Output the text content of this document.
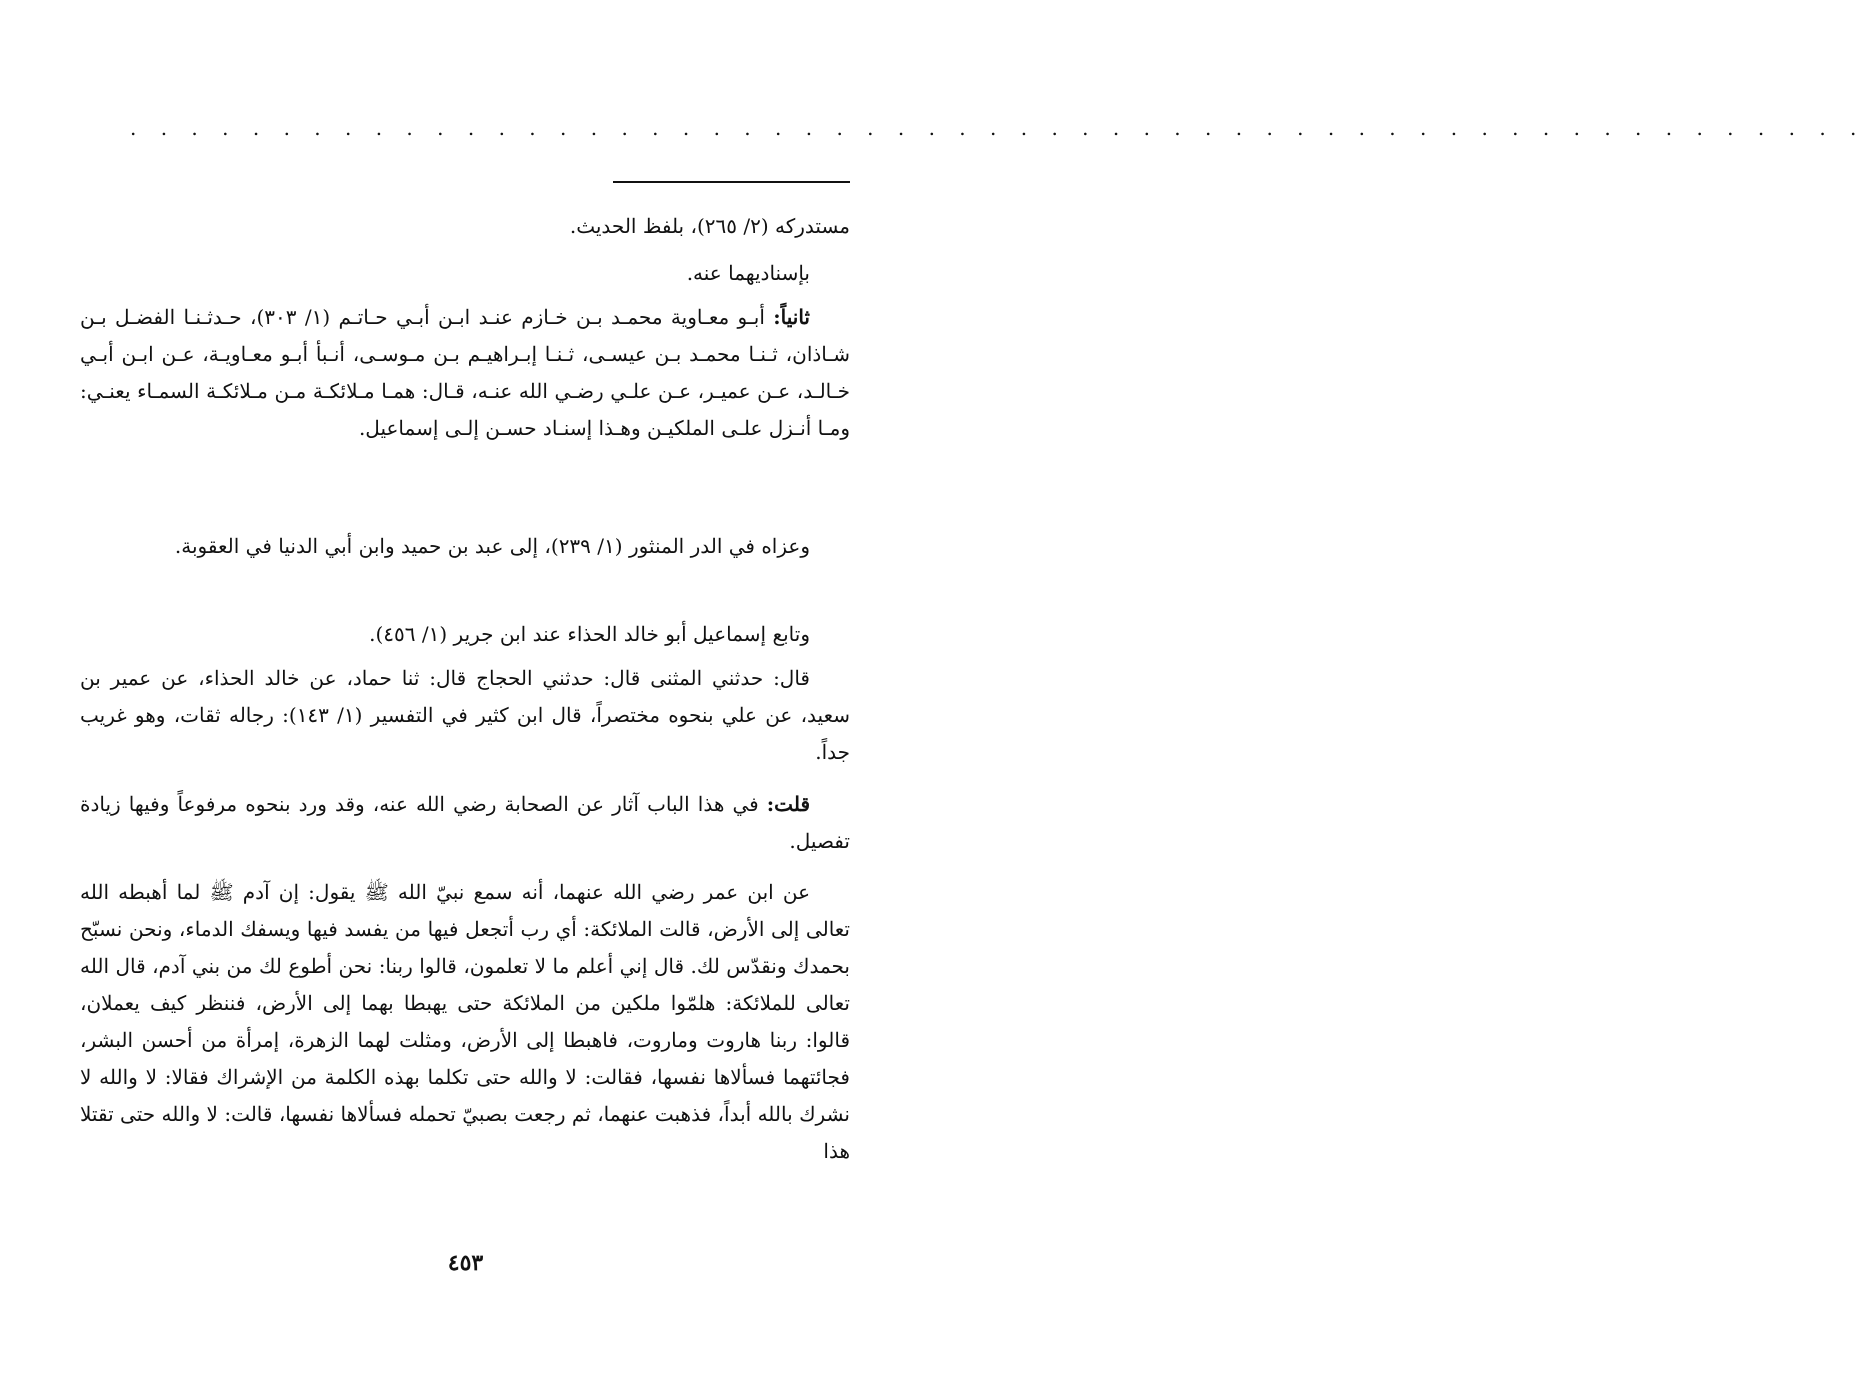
. . . . . . . . . . . . . . . . . . . . . . . . . . . . . . . . . . . . . . . . . . . . . . . . . . . . . . . . .

مستدركه (٢/ ٢٦٥)، بلفظ الحديث.

بإسناديهما عنه.

ثانياً: أبـو معـاوية محمـد بـن خـازم عنـد ابـن أبـي حـاتـم (١/ ٣٠٣)، حـدثـنـا الفضـل بـن شـاذان، ثـنـا محمـد بـن عيسـى، ثـنـا إبـراهيـم بـن مـوسـى، أنـبأ أبـو معـاويـة، عـن ابـن أبـي خـالـد، عـن عميـر، عـن علـي رضـي الله عنـه، قـال: همـا مـلائكـة مـن مـلائكـة السمـاء يعنـي: ومـا أنـزل علـى الملكيـن وهـذا إسنـاد حسـن إلـى إسماعيل.

وعزاه في الدر المنثور (١/ ٢٣٩)، إلى عبد بن حميد وابن أبي الدنيا في العقوبة.

وتابع إسماعيل أبو خالد الحذاء عند ابن جرير (١/ ٤٥٦).

قال: حدثني المثنى قال: حدثني الحجاج قال: ثنا حماد، عن خالد الحذاء، عن عمير بن سعيد، عن علي بنحوه مختصراً، قال ابن كثير في التفسير (١/ ١٤٣): رجاله ثقات، وهو غريب جداً.

قلت: في هذا الباب آثار عن الصحابة رضي الله عنه، وقد ورد بنحوه مرفوعاً وفيها زيادة تفصيل.

عن ابن عمر رضي الله عنهما، أنه سمع نبيّ الله ﷺ يقول: إن آدم ﷺ لما أهبطه الله تعالى إلى الأرض، قالت الملائكة: أي رب أتجعل فيها من يفسد فيها ويسفك الدماء، ونحن نسبّح بحمدك ونقدّس لك. قال إني أعلم ما لا تعلمون، قالوا ربنا: نحن أطوع لك من بني آدم، قال الله تعالى للملائكة: هلمّوا ملكين من الملائكة حتى يهبطا بهما إلى الأرض، فننظر كيف يعملان، قالوا: ربنا هاروت وماروت، فاهبطا إلى الأرض، ومثلت لهما الزهرة، إمرأة من أحسن البشر، فجائتهما فسألاها نفسها، فقالت: لا والله حتى تكلما بهذه الكلمة من الإشراك فقالا: لا والله لا نشرك بالله أبداً، فذهبت عنهما، ثم رجعت بصبيّ تحمله فسألاها نفسها، قالت: لا والله حتى تقتلا هذا

٤٥٣
